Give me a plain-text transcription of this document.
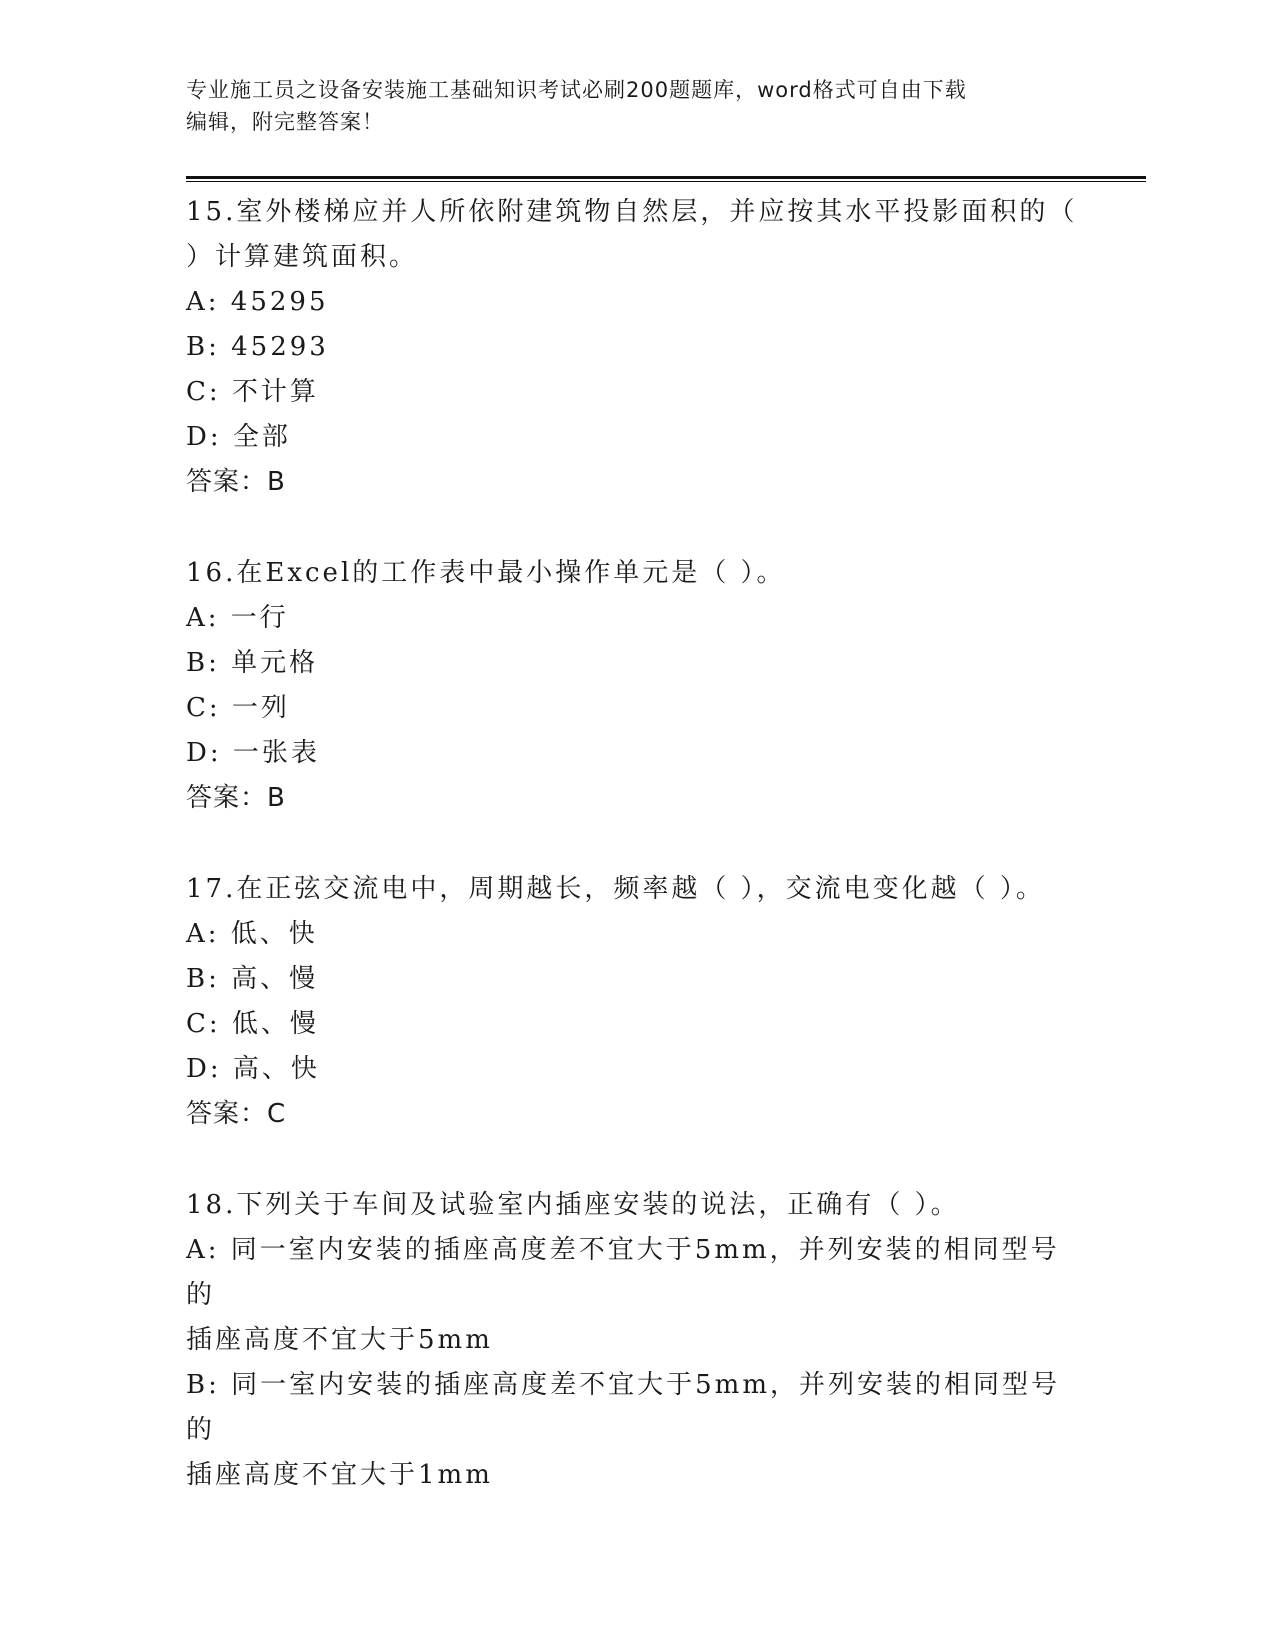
专业施工员之设备安装施工基础知识考试必刷200题题库，word格式可自由下载
编辑，附完整答案！
15.室外楼梯应并人所依附建筑物自然层，并应按其水平投影面积的（
）计算建筑面积。
A: 45295
B: 45293
C: 不计算
D: 全部
答案：B
16.在Excel的工作表中最小操作单元是（ ）。
A: 一行
B: 单元格
C: 一列
D: 一张表
答案：B
17.在正弦交流电中，周期越长，频率越（ ），交流电变化越（ ）。
A: 低、快
B: 高、慢
C: 低、慢
D: 高、快
答案：C
18.下列关于车间及试验室内插座安装的说法，正确有（ ）。
A: 同一室内安装的插座高度差不宜大于5mm，并列安装的相同型号的
插座高度不宜大于5mm
B: 同一室内安装的插座高度差不宜大于5mm，并列安装的相同型号的
插座高度不宜大于1mm
